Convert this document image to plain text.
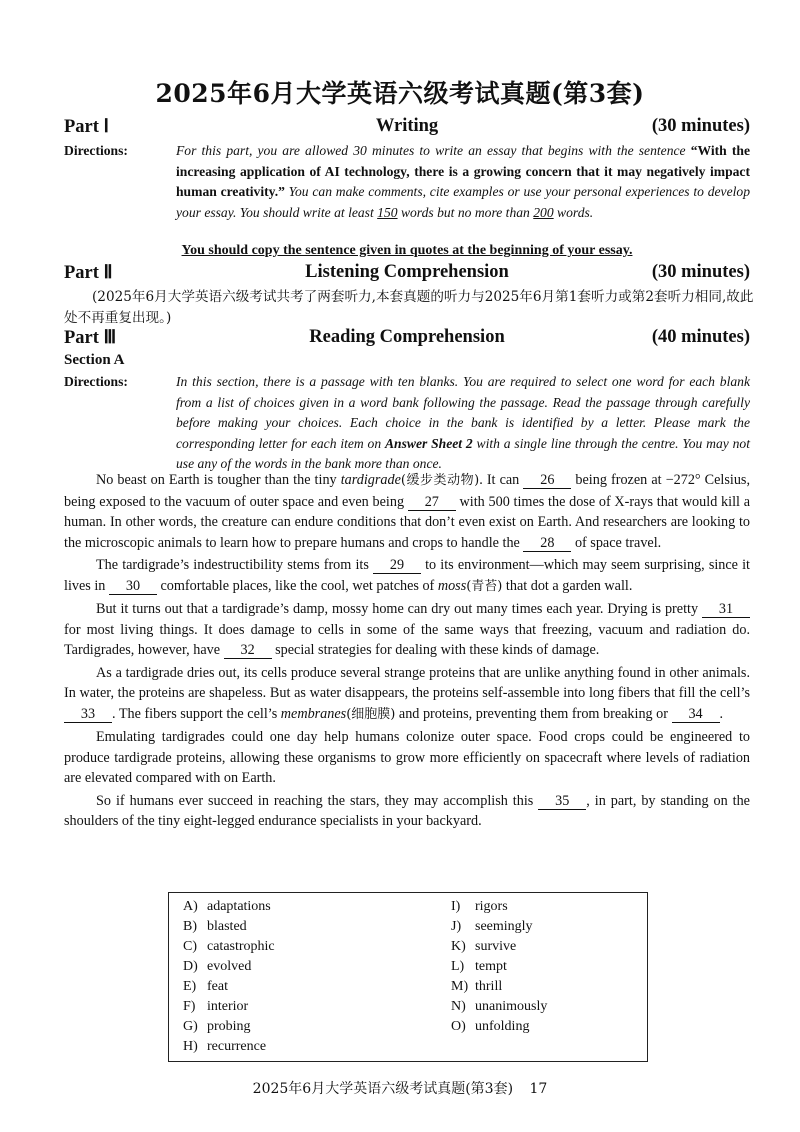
2025年6月大学英语六级考试真题(第3套)
Part Ⅰ	Writing	(30 minutes)
Directions:	For this part, you are allowed 30 minutes to write an essay that begins with the sentence “With the increasing application of AI technology, there is a growing concern that it may negatively impact human creativity.” You can make comments, cite examples or use your personal experiences to develop your essay. You should write at least 150 words but no more than 200 words.
You should copy the sentence given in quotes at the beginning of your essay.
Part Ⅱ	Listening Comprehension	(30 minutes)
(2025年6月大学英语六级考试共考了两套听力,本套真题的听力与2025年6月第1套听力或第2套听力相同,故此处不再重复出现。)
Part Ⅲ	Reading Comprehension	(40 minutes)
Section A
Directions:	In this section, there is a passage with ten blanks. You are required to select one word for each blank from a list of choices given in a word bank following the passage. Read the passage through carefully before making your choices. Each choice in the bank is identified by a letter. Please mark the corresponding letter for each item on Answer Sheet 2 with a single line through the centre. You may not use any of the words in the bank more than once.

No beast on Earth is tougher than the tiny tardigrade(缓步类动物). It can 26 being frozen at −272° Celsius, being exposed to the vacuum of outer space and even being 27 with 500 times the dose of X-rays that would kill a human. In other words, the creature can endure conditions that don’t even exist on Earth. And researchers are looking to the microscopic animals to learn how to prepare humans and crops to handle the 28 of space travel.

The tardigrade’s indestructibility stems from its 29 to its environment—which may seem surprising, since it lives in 30 comfortable places, like the cool, wet patches of moss(青苔) that dot a garden wall.

But it turns out that a tardigrade’s damp, mossy home can dry out many times each year. Drying is pretty 31 for most living things. It does damage to cells in some of the same ways that freezing, vacuum and radiation do. Tardigrades, however, have 32 special strategies for dealing with these kinds of damage.

As a tardigrade dries out, its cells produce several strange proteins that are unlike anything found in other animals. In water, the proteins are shapeless. But as water disappears, the proteins self-assemble into long fibers that fill the cell’s 33 . The fibers support the cell’s membranes(细胞膜) and proteins, preventing them from breaking or 34 .

Emulating tardigrades could one day help humans colonize outer space. Food crops could be engineered to produce tardigrade proteins, allowing these organisms to grow more efficiently on spacecraft where levels of radiation are elevated compared with on Earth.

So if humans ever succeed in reaching the stars, they may accomplish this 35 , in part, by standing on the shoulders of the tiny eight-legged endurance specialists in your backyard.

A) adaptations
B) blasted
C) catastrophic
D) evolved
E) feat
F) interior
G) probing
H) recurrence
I) rigors
J) seemingly
K) survive
L) tempt
M) thrill
N) unanimously
O) unfolding
2025年6月大学英语六级考试真题(第3套) 17
